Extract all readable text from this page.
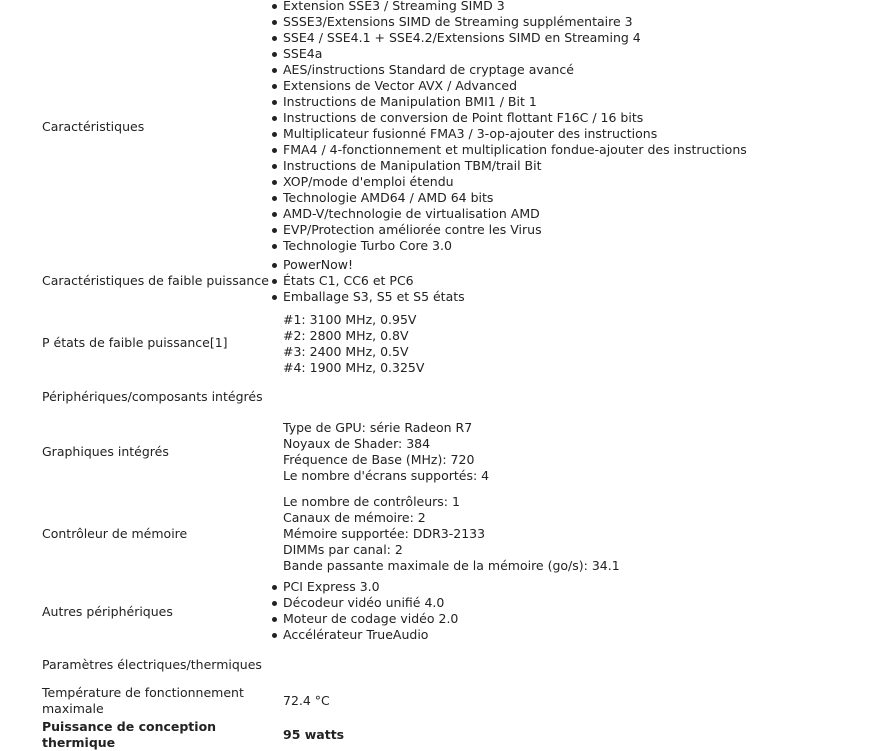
Caractéristiques
Extension SSE3 / Streaming SIMD 3
SSSE3/Extensions SIMD de Streaming supplémentaire 3
SSE4 / SSE4.1 + SSE4.2/Extensions SIMD en Streaming 4
SSE4a
AES/instructions Standard de cryptage avancé
Extensions de Vector AVX / Advanced
Instructions de Manipulation BMI1 / Bit 1
Instructions de conversion de Point flottant F16C / 16 bits
Multiplicateur fusionné FMA3 / 3-op-ajouter des instructions
FMA4 / 4-fonctionnement et multiplication fondue-ajouter des instructions
Instructions de Manipulation TBM/trail Bit
XOP/mode d'emploi étendu
Technologie AMD64 / AMD 64 bits
AMD-V/technologie de virtualisation AMD
EVP/Protection améliorée contre les Virus
Technologie Turbo Core 3.0
Caractéristiques de faible puissance
PowerNow!
États C1, CC6 et PC6
Emballage S3, S5 et S5 états
P états de faible puissance[1]
#1: 3100 MHz, 0.95V
#2: 2800 MHz, 0.8V
#3: 2400 MHz, 0.5V
#4: 1900 MHz, 0.325V
Périphériques/composants intégrés
Graphiques intégrés
Type de GPU: série Radeon R7
Noyaux de Shader: 384
Fréquence de Base (MHz): 720
Le nombre d'écrans supportés: 4
Contrôleur de mémoire
Le nombre de contrôleurs: 1
Canaux de mémoire: 2
Mémoire supportée: DDR3-2133
DIMMs par canal: 2
Bande passante maximale de la mémoire (go/s): 34.1
Autres périphériques
PCI Express 3.0
Décodeur vidéo unifié 4.0
Moteur de codage vidéo 2.0
Accélérateur TrueAudio
Paramètres électriques/thermiques
Température de fonctionnement maximale
72.4 °C
Puissance de conception thermique
95 watts
